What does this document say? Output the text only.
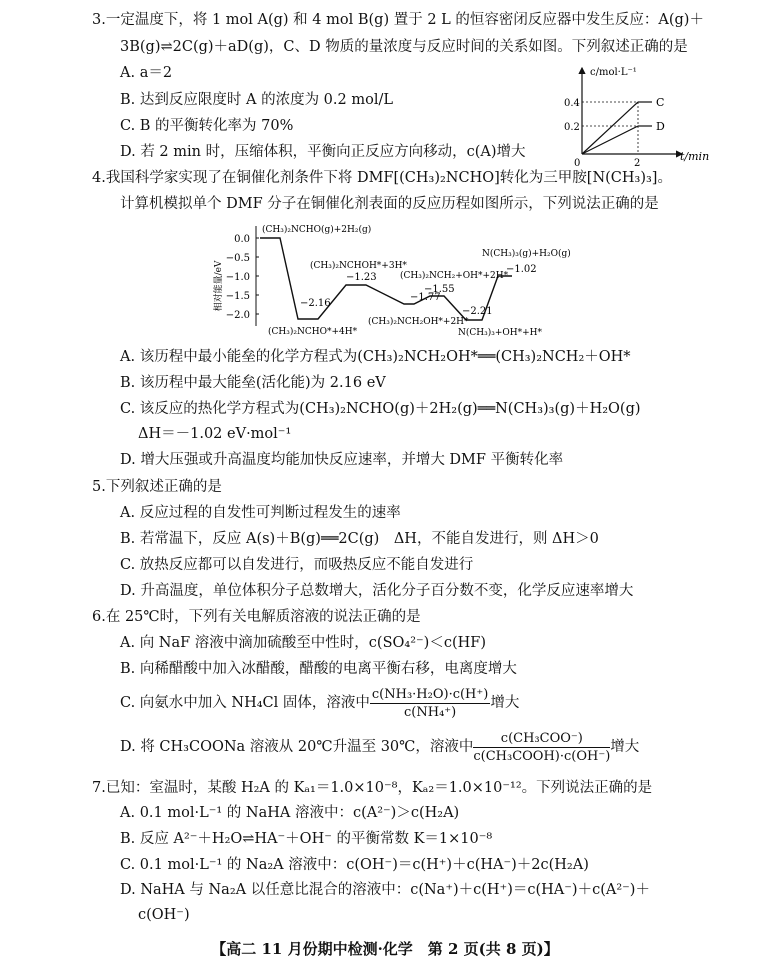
3.一定温度下，将 1 mol A(g) 和 4 mol B(g) 置于 2 L 的恒容密闭反应器中发生反应：A(g)＋
3B(g)⇌2C(g)＋aD(g)，C、D 物质的量浓度与反应时间的关系如图。下列叙述正确的是
A. a＝2
B. 达到反应限度时 A 的浓度为 0.2 mol/L
C. B 的平衡转化率为 70%
D. 若 2 min 时，压缩体积，平衡向正反应方向移动，c(A)增大
c/mol·L⁻¹
t/min
0.4
0.2
0	2
C
D
4.我国科学家实现了在铜催化剂条件下将 DMF[(CH₃)₂NCHO]转化为三甲胺[N(CH₃)₃]。
计算机模拟单个 DMF 分子在铜催化剂表面的反应历程如图所示，下列说法正确的是
相对能量/eV
0.0
−0.5
−1.0
−1.5
−2.0
(CH₃)₂NCHO(g)+2H₂(g)
(CH₃)₂NCHO*+4H*
(CH₃)₂NCHOH*+3H*
(CH₃)₂NCH₂OH*+2H*
(CH₃)₂NCH₂+OH*+2H*
N(CH₃)₃+OH*+H*
N(CH₃)₃(g)+H₂O(g)
−2.16
−1.23
−1.77
−1.55
−2.21
−1.02
A. 该历程中最小能垒的化学方程式为(CH₃)₂NCH₂OH*══(CH₃)₂NCH₂＋OH*
B. 该历程中最大能垒(活化能)为 2.16 eV
C. 该反应的热化学方程式为(CH₃)₂NCHO(g)＋2H₂(g)══N(CH₃)₃(g)＋H₂O(g)
ΔH＝－1.02 eV·mol⁻¹
D. 增大压强或升高温度均能加快反应速率，并增大 DMF 平衡转化率
5.下列叙述正确的是
A. 反应过程的自发性可判断过程发生的速率
B. 若常温下，反应 A(s)＋B(g)══2C(g)　ΔH，不能自发进行，则 ΔH＞0
C. 放热反应都可以自发进行，而吸热反应不能自发进行
D. 升高温度，单位体积分子总数增大，活化分子百分数不变，化学反应速率增大
6.在 25℃时，下列有关电解质溶液的说法正确的是
A. 向 NaF 溶液中滴加硫酸至中性时，c(SO₄²⁻)＜c(HF)
B. 向稀醋酸中加入冰醋酸，醋酸的电离平衡右移，电离度增大
C. 向氨水中加入 NH₄Cl 固体，溶液中 $\frac{\text{c(NH₃·H₂O)·c(H⁺)}}{\text{c(NH₄⁺)}}$ 增大
D. 将 CH₃COONa 溶液从 20℃升温至 30℃，溶液中 $\frac{\text{c(CH₃COO⁻)}}{\text{c(CH₃COOH)·c(OH⁻)}}$ 增大
7.已知：室温时，某酸 H₂A 的 Kₐ₁＝1.0×10⁻⁸，Kₐ₂＝1.0×10⁻¹²。下列说法正确的是
A. 0.1 mol·L⁻¹ 的 NaHA 溶液中：c(A²⁻)＞c(H₂A)
B. 反应 A²⁻＋H₂O⇌HA⁻＋OH⁻ 的平衡常数 K＝1×10⁻⁸
C. 0.1 mol·L⁻¹ 的 Na₂A 溶液中：c(OH⁻)＝c(H⁺)＋c(HA⁻)＋2c(H₂A)
D. NaHA 与 Na₂A 以任意比混合的溶液中：c(Na⁺)＋c(H⁺)＝c(HA⁻)＋c(A²⁻)＋
c(OH⁻)
【高二 11 月份期中检测·化学　第 2 页(共 8 页)】
